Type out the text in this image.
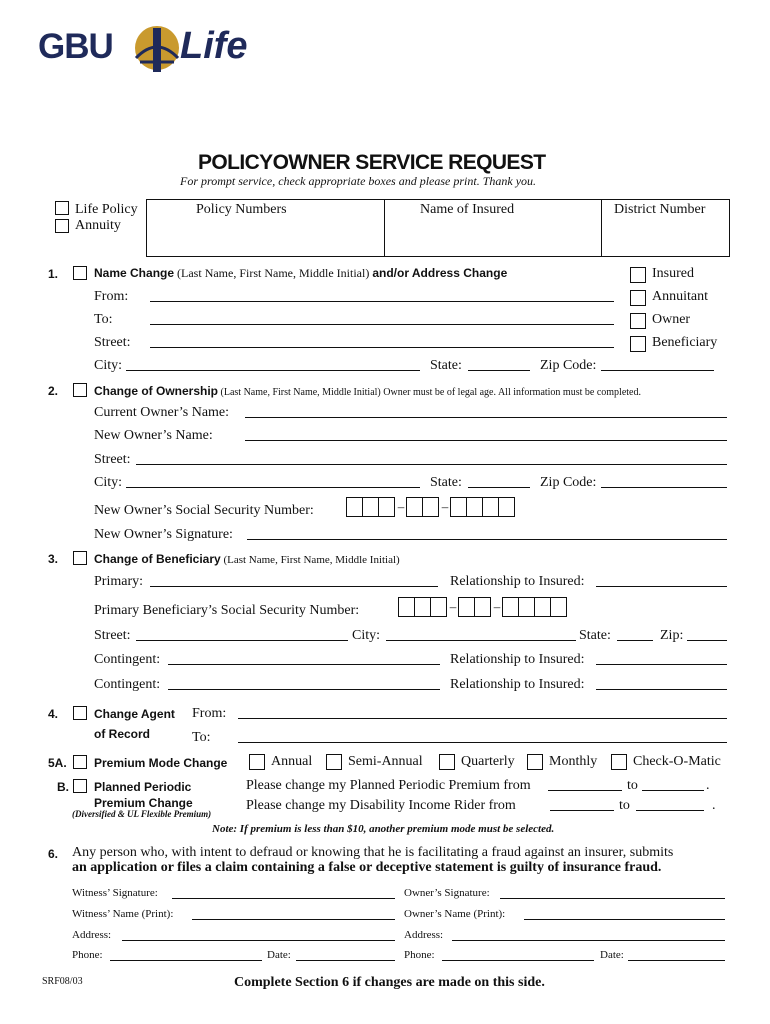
GBU Life
POLICYOWNER SERVICE REQUEST
For prompt service, check appropriate boxes and please print. Thank you.
Life Policy
Annuity
Policy Numbers	Name of Insured	District Number
1.	Name Change (Last Name, First Name, Middle Initial) and/or Address Change
From:
To:
Street:
City:	State:	Zip Code:
Insured
Annuitant
Owner
Beneficiary
2.	Change of Ownership (Last Name, First Name, Middle Initial) Owner must be of legal age. All information must be completed.
Current Owner’s Name:
New Owner’s Name:
Street:
City:	State:	Zip Code:
New Owner’s Social Security Number:	–	–
New Owner’s Signature:
3.	Change of Beneficiary (Last Name, First Name, Middle Initial)
Primary:	Relationship to Insured:
Primary Beneficiary’s Social Security Number:	–	–
Street:	City:	State:	Zip:
Contingent:	Relationship to Insured:
Contingent:	Relationship to Insured:
4.	Change Agent
of Record
From:
To:
5A. Premium Mode Change	Annual	Semi-Annual	Quarterly Monthly	Check-O-Matic
B. Planned Periodic
Premium Change
(Diversified & UL Flexible Premium)
Please change my Planned Periodic Premium from	to	.
Please change my Disability Income Rider from	to	.
Note: If premium is less than $10, another premium mode must be selected.
6. Any person who, with intent to defraud or knowing that he is facilitating a fraud against an insurer, submits
an application or files a claim containing a false or deceptive statement is guilty of insurance fraud.
Witness’ Signature:	Owner’s Signature:
Witness’ Name (Print):	Owner’s Name (Print):
Address:	Address:
Phone:	Date:	Phone:	Date:
SRF08/03	Complete Section 6 if changes are made on this side.
